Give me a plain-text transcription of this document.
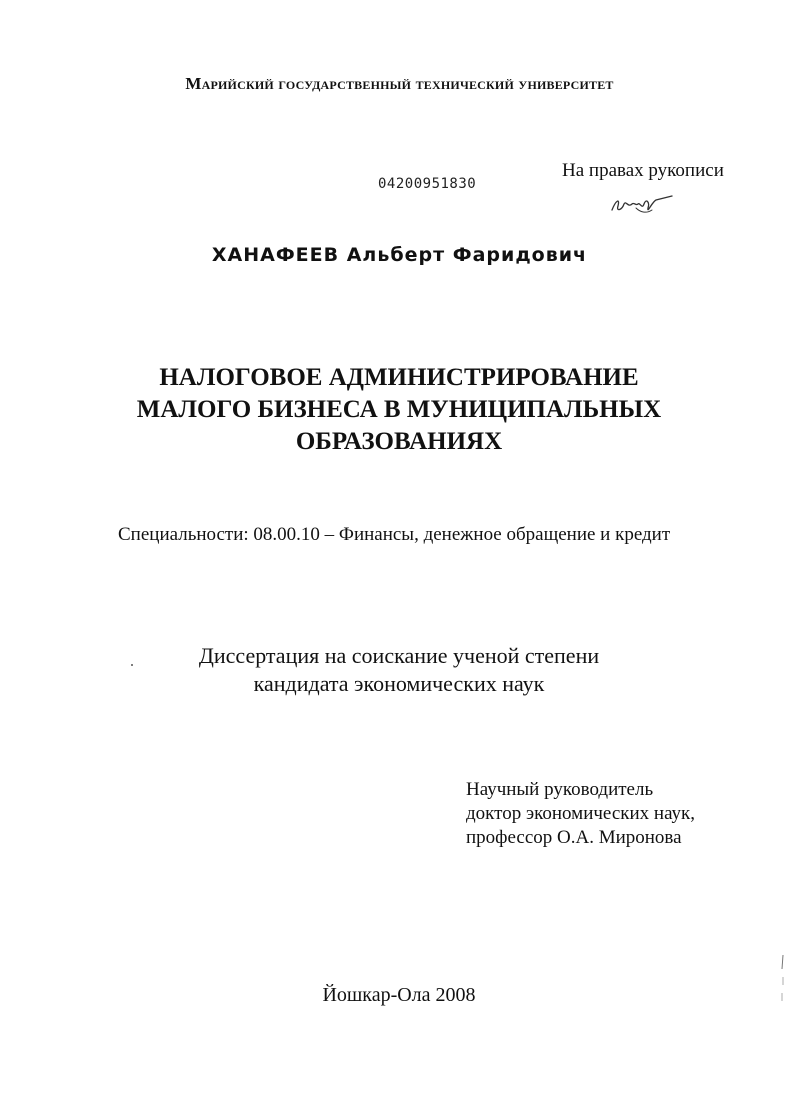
Марийский государственный технический университет
04200951830
На правах рукописи
ХАНАФЕЕВ Альберт Фаридович
НАЛОГОВОЕ АДМИНИСТРИРОВАНИЕ
МАЛОГО БИЗНЕСА В МУНИЦИПАЛЬНЫХ
ОБРАЗОВАНИЯХ
Специальности: 08.00.10 – Финансы, денежное обращение и кредит
Диссертация на соискание ученой степени
кандидата экономических наук
Научный руководитель
доктор экономических наук,
профессор О.А. Миронова
Йошкар-Ола 2008
